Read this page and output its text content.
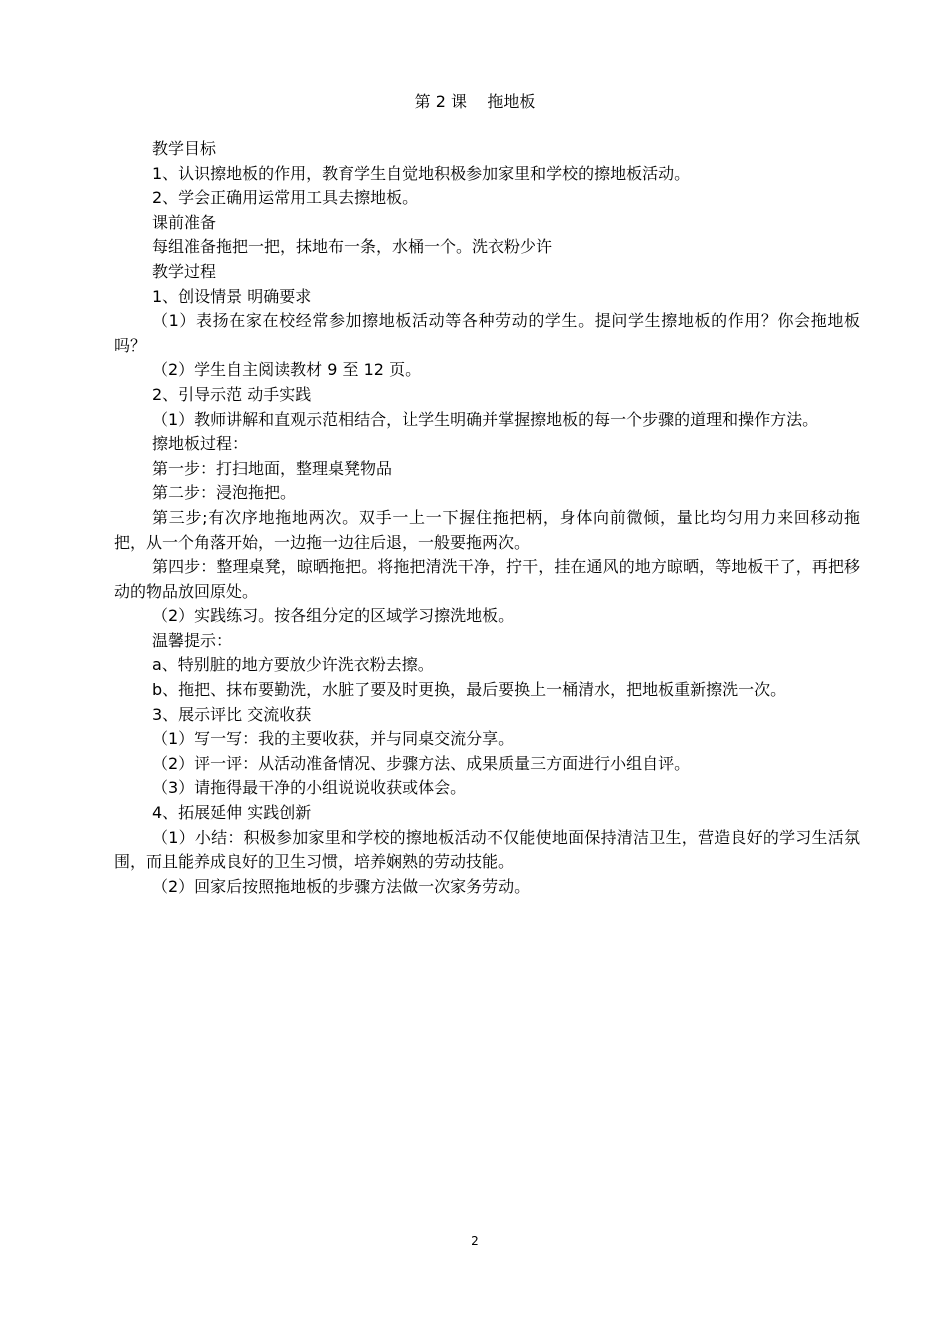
第 2 课    拖地板

教学目标

1、认识擦地板的作用，教育学生自觉地积极参加家里和学校的擦地板活动。

2、学会正确用运常用工具去擦地板。

课前准备

每组准备拖把一把，抹地布一条，水桶一个。洗衣粉少许

教学过程

1、创设情景 明确要求

（1）表扬在家在校经常参加擦地板活动等各种劳动的学生。提问学生擦地板的作用？你会拖地板吗？

（2）学生自主阅读教材 9 至 12 页。

2、引导示范 动手实践

（1）教师讲解和直观示范相结合，让学生明确并掌握擦地板的每一个步骤的道理和操作方法。

擦地板过程：

第一步：打扫地面，整理桌凳物品

第二步：浸泡拖把。

第三步;有次序地拖地两次。双手一上一下握住拖把柄，身体向前微倾，量比均匀用力来回移动拖把，从一个角落开始，一边拖一边往后退，一般要拖两次。

第四步：整理桌凳，晾晒拖把。将拖把清洗干净，拧干，挂在通风的地方晾晒，等地板干了，再把移动的物品放回原处。

（2）实践练习。按各组分定的区域学习擦洗地板。

温馨提示：

a、特别脏的地方要放少许洗衣粉去擦。

b、拖把、抹布要勤洗，水脏了要及时更换，最后要换上一桶清水，把地板重新擦洗一次。

3、展示评比 交流收获

（1）写一写：我的主要收获，并与同桌交流分享。

（2）评一评：从活动准备情况、步骤方法、成果质量三方面进行小组自评。

（3）请拖得最干净的小组说说收获或体会。

4、拓展延伸 实践创新

（1）小结：积极参加家里和学校的擦地板活动不仅能使地面保持清洁卫生，营造良好的学习生活氛围，而且能养成良好的卫生习惯，培养娴熟的劳动技能。

（2）回家后按照拖地板的步骤方法做一次家务劳动。

2
